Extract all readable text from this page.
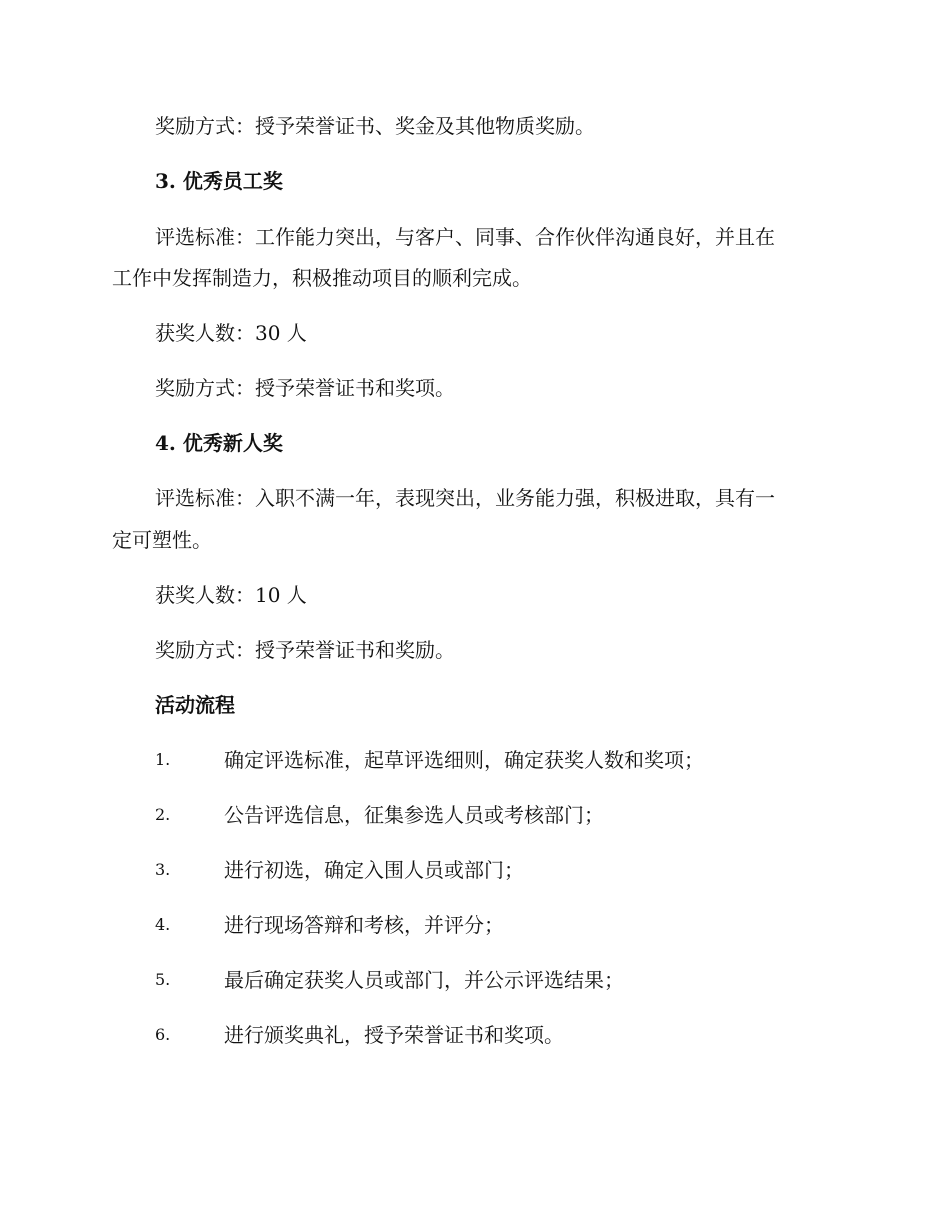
奖励方式：授予荣誉证书、奖金及其他物质奖励。
3. 优秀员工奖
评选标准：工作能力突出，与客户、同事、合作伙伴沟通良好，并且在
工作中发挥制造力，积极推动项目的顺利完成。
获奖人数：30 人
奖励方式：授予荣誉证书和奖项。
4. 优秀新人奖
评选标准：入职不满一年，表现突出，业务能力强，积极进取，具有一
定可塑性。
获奖人数：10 人
奖励方式：授予荣誉证书和奖励。
活动流程
1.	确定评选标准，起草评选细则，确定获奖人数和奖项；
2.	公告评选信息，征集参选人员或考核部门；
3.	进行初选，确定入围人员或部门；
4.	进行现场答辩和考核，并评分；
5.	最后确定获奖人员或部门，并公示评选结果；
6.	进行颁奖典礼，授予荣誉证书和奖项。
